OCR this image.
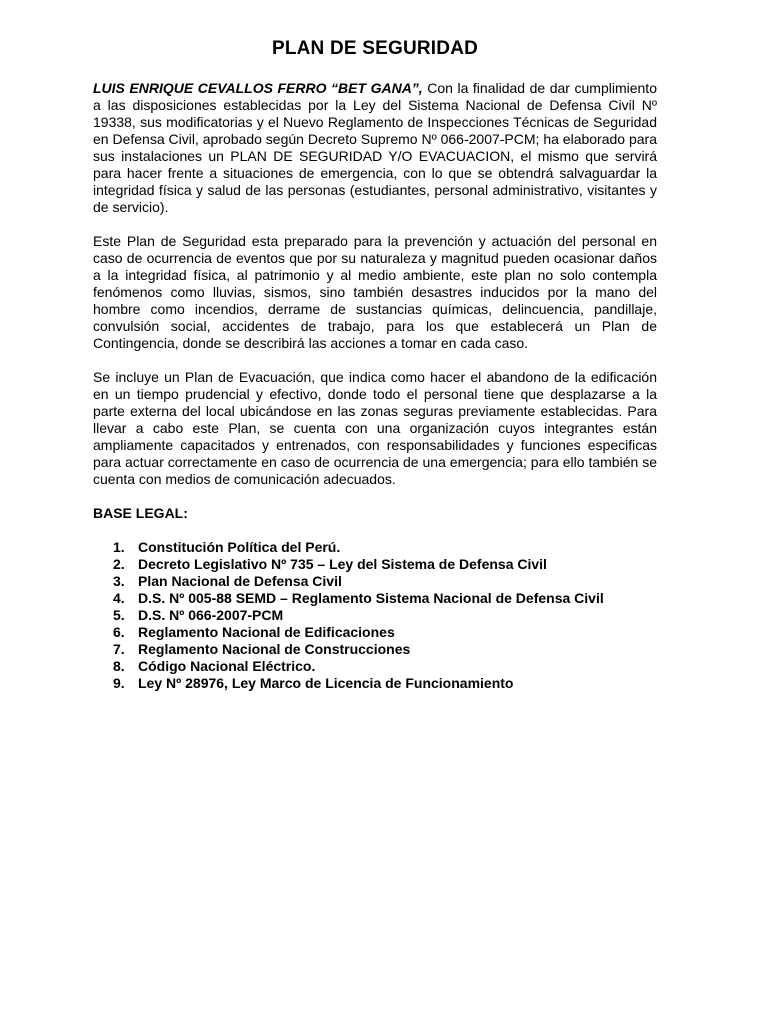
PLAN DE SEGURIDAD

LUIS ENRIQUE CEVALLOS FERRO “BET GANA”, Con la finalidad de dar cumplimiento a las disposiciones establecidas por la Ley del Sistema Nacional de Defensa Civil Nº 19338, sus modificatorias y el Nuevo Reglamento de Inspecciones Técnicas de Seguridad en Defensa Civil, aprobado según Decreto Supremo Nº 066-2007-PCM; ha elaborado para sus instalaciones un PLAN DE SEGURIDAD Y/O EVACUACION, el mismo que servirá para hacer frente a situaciones de emergencia, con lo que se obtendrá salvaguardar la integridad física y salud de las personas (estudiantes, personal administrativo, visitantes y de servicio).

Este Plan de Seguridad esta preparado para la prevención y actuación del personal en caso de ocurrencia de eventos que por su naturaleza y magnitud pueden ocasionar daños a la integridad física, al patrimonio y al medio ambiente, este plan no solo contempla fenómenos como lluvias, sismos, sino también desastres inducidos por la mano del hombre como incendios, derrame de sustancias químicas, delincuencia, pandillaje, convulsión social, accidentes de trabajo, para los que establecerá un Plan de Contingencia, donde se describirá las acciones a tomar en cada caso.

Se incluye un Plan de Evacuación, que indica como hacer el abandono de la edificación en un tiempo prudencial y efectivo, donde todo el personal tiene que desplazarse a la parte externa del local ubicándose en las zonas seguras previamente establecidas. Para llevar a cabo este Plan, se cuenta con una organización cuyos integrantes están ampliamente capacitados y entrenados, con responsabilidades y funciones especificas para actuar correctamente en caso de ocurrencia de una emergencia; para ello también se cuenta con medios de comunicación adecuados.

BASE LEGAL:
1. Constitución Política del Perú.
2. Decreto Legislativo Nº 735 – Ley del Sistema de Defensa Civil
3. Plan Nacional de Defensa Civil
4. D.S. Nº 005-88 SEMD – Reglamento Sistema Nacional de Defensa Civil
5. D.S. Nº 066-2007-PCM
6. Reglamento Nacional de Edificaciones
7. Reglamento Nacional de Construcciones
8. Código Nacional Eléctrico.
9. Ley Nº 28976, Ley Marco de Licencia de Funcionamiento
